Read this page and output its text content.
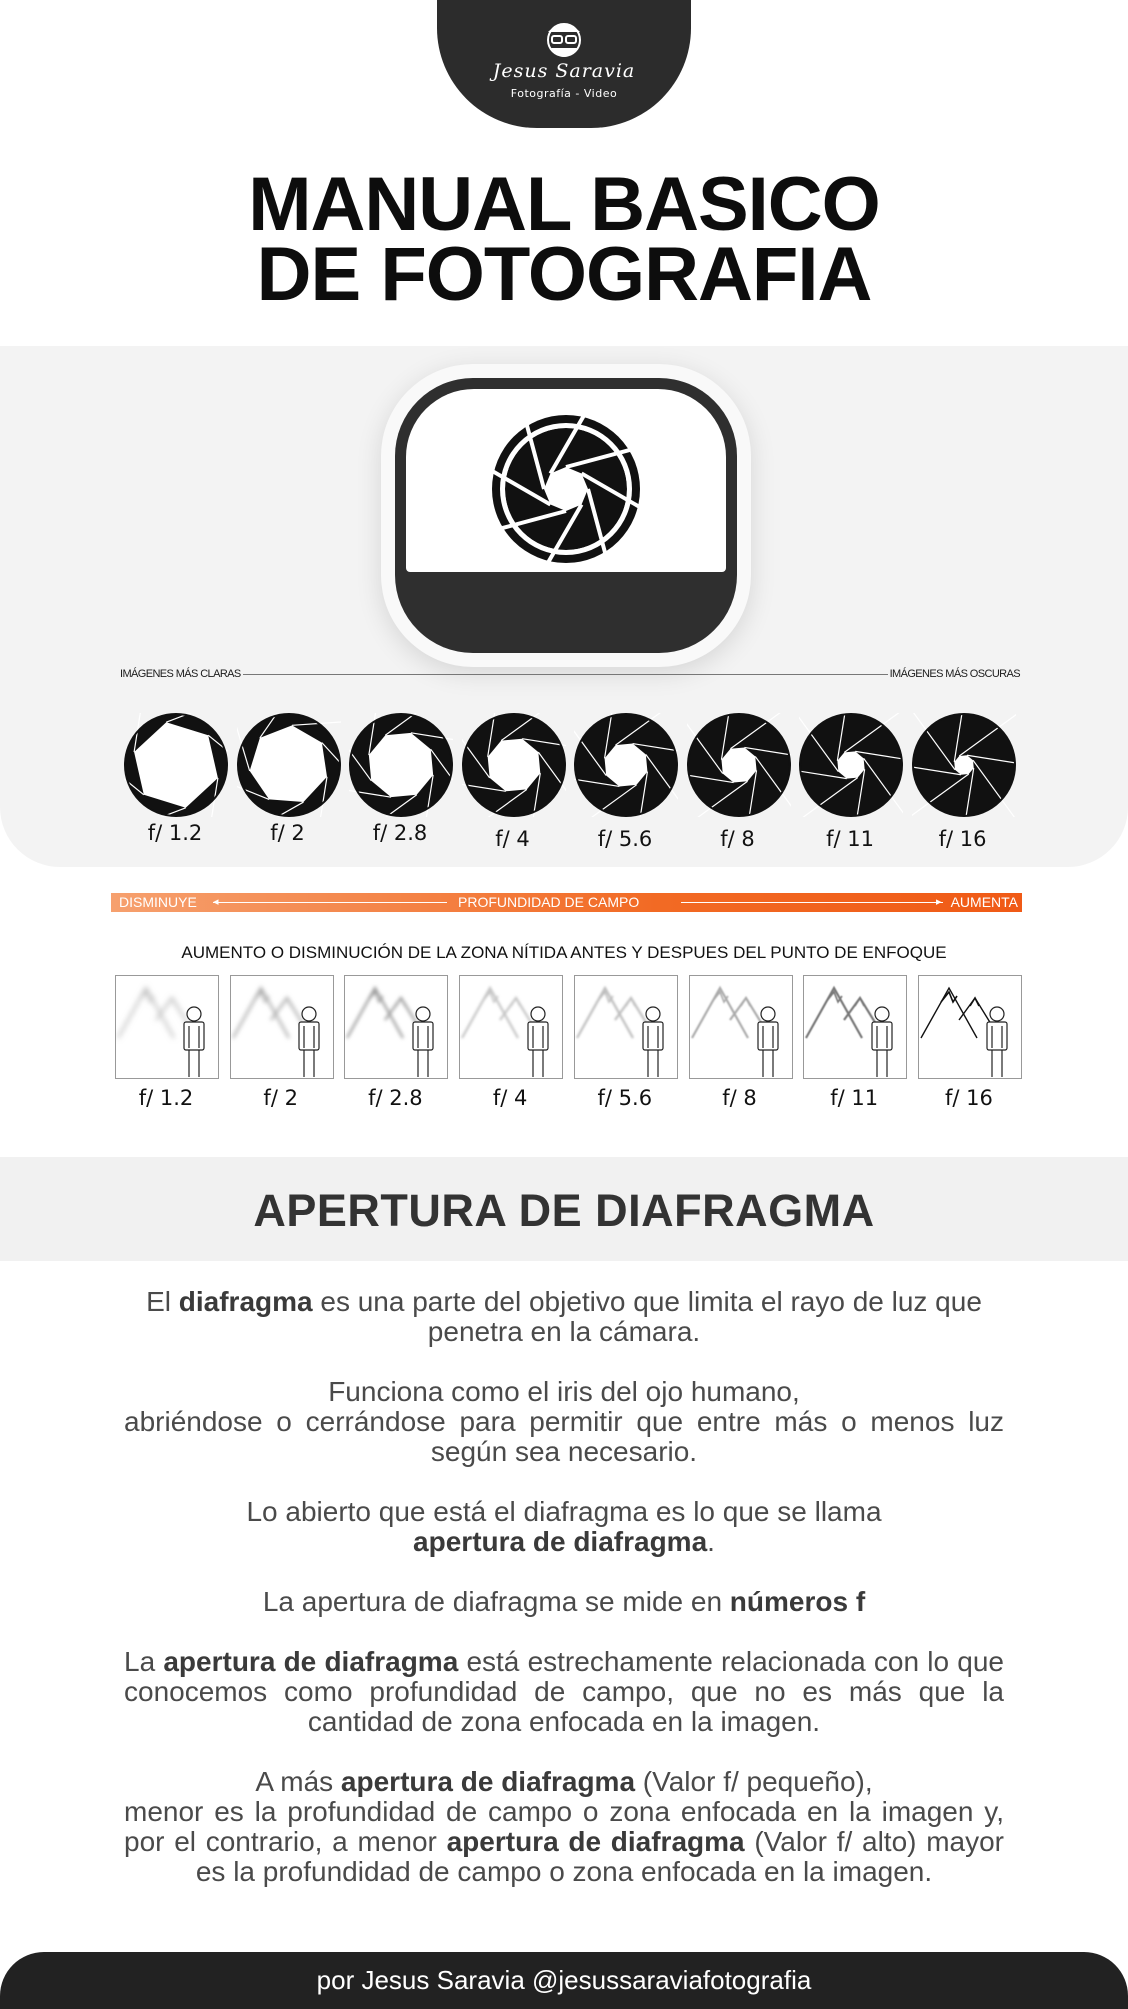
Jesus Saravia
Fotografía - Video
MANUAL BASICO
DE FOTOGRAFIA
IMÁGENES MÁS CLARAS	IMÁGENES MÁS OSCURAS
f/ 1.2	f/ 2	f/ 2.8	f/ 4	f/ 5.6	f/ 8	f/ 11	f/ 16
DISMINUYE ◂	PROFUNDIDAD DE CAMPO	▸ AUMENTA
AUMENTO O DISMINUCIÓN DE LA ZONA NÍTIDA ANTES Y DESPUES DEL PUNTO DE ENFOQUE
f/ 1.2	f/ 2	f/ 2.8	f/ 4	f/ 5.6	f/ 8	f/ 11	f/ 16
APERTURA DE DIAFRAGMA

El diafragma es una parte del objetivo que limita el rayo de luz que penetra en la cámara.

Funciona como el iris del ojo humano,
abriéndose o cerrándose para permitir que entre más o menos luz según sea necesario.

Lo abierto que está el diafragma es lo que se llama
apertura de diafragma.

La apertura de diafragma se mide en números f

La apertura de diafragma está estrechamente relacionada con lo que conocemos como profundidad de campo, que no es más que la cantidad de zona enfocada en la imagen.

A más apertura de diafragma (Valor f/ pequeño),
menor es la profundidad de campo o zona enfocada en la imagen y, por el contrario, a menor apertura de diafragma (Valor f/ alto) mayor es la profundidad de campo o zona enfocada en la imagen.

por Jesus Saravia @jesussaraviafotografia
